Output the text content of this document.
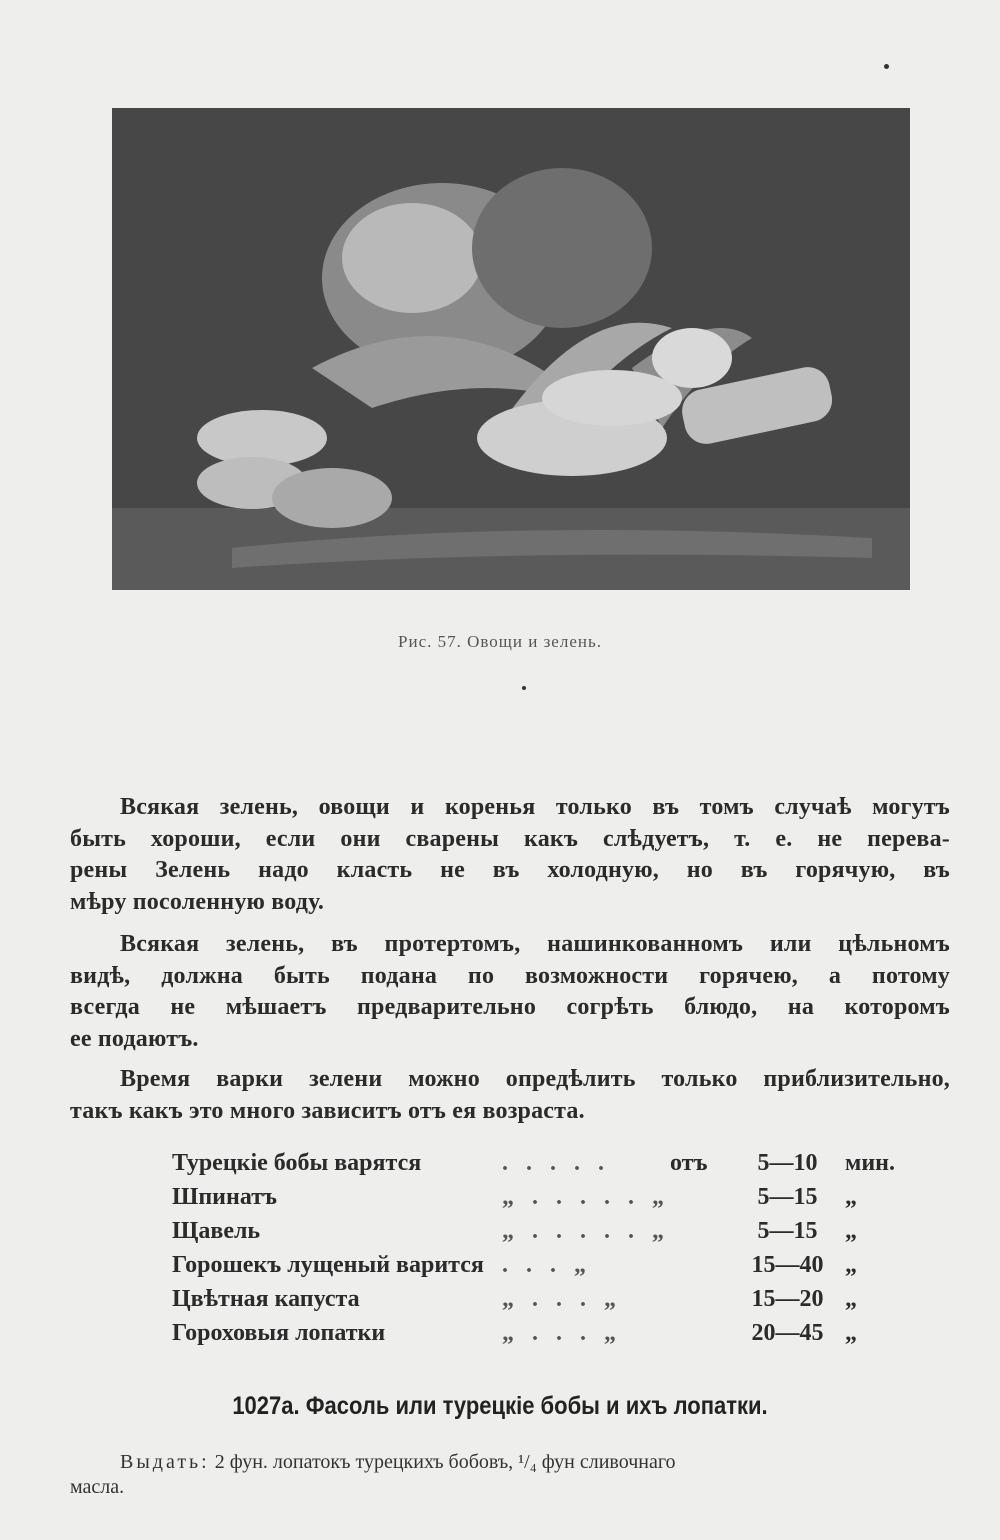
Рис. 57. Овощи и зелень.
Всякая зелень, овощи и коренья только въ томъ случаѣ могутъ
быть хороши, если они сварены какъ слѣдуетъ, т. е. не перева-
рены Зелень надо класть не въ холодную, но въ горячую, въ
мѣру посоленную воду.
Всякая зелень, въ протертомъ, нашинкованномъ или цѣльномъ
видѣ, должна быть подана по возможности горячею, а потому
всегда не мѣшаетъ предварительно согрѣть блюдо, на которомъ
ее подаютъ.
Время варки зелени можно опредѣлить только приблизительно,
такъ какъ это много зависитъ отъ ея возраста.
Турецкіе бобы варятся	. . . . .	отъ	5—10	мин.
Шпинатъ	„ . . . . . „		5—15	„
Щавель	„ . . . . . „		5—15	„
Горошекъ лущеный варится	. . . „		15—40	„
Цвѣтная капуста	„ . . . „		15—20	„
Гороховыя лопатки	„ . . . „		20—45	„
1027а. Фасоль или турецкіе бобы и ихъ лопатки.
Выдать: 2 фун. лопатокъ турецкихъ бобовъ, ¹/₄ фун сливочнаго
масла.
